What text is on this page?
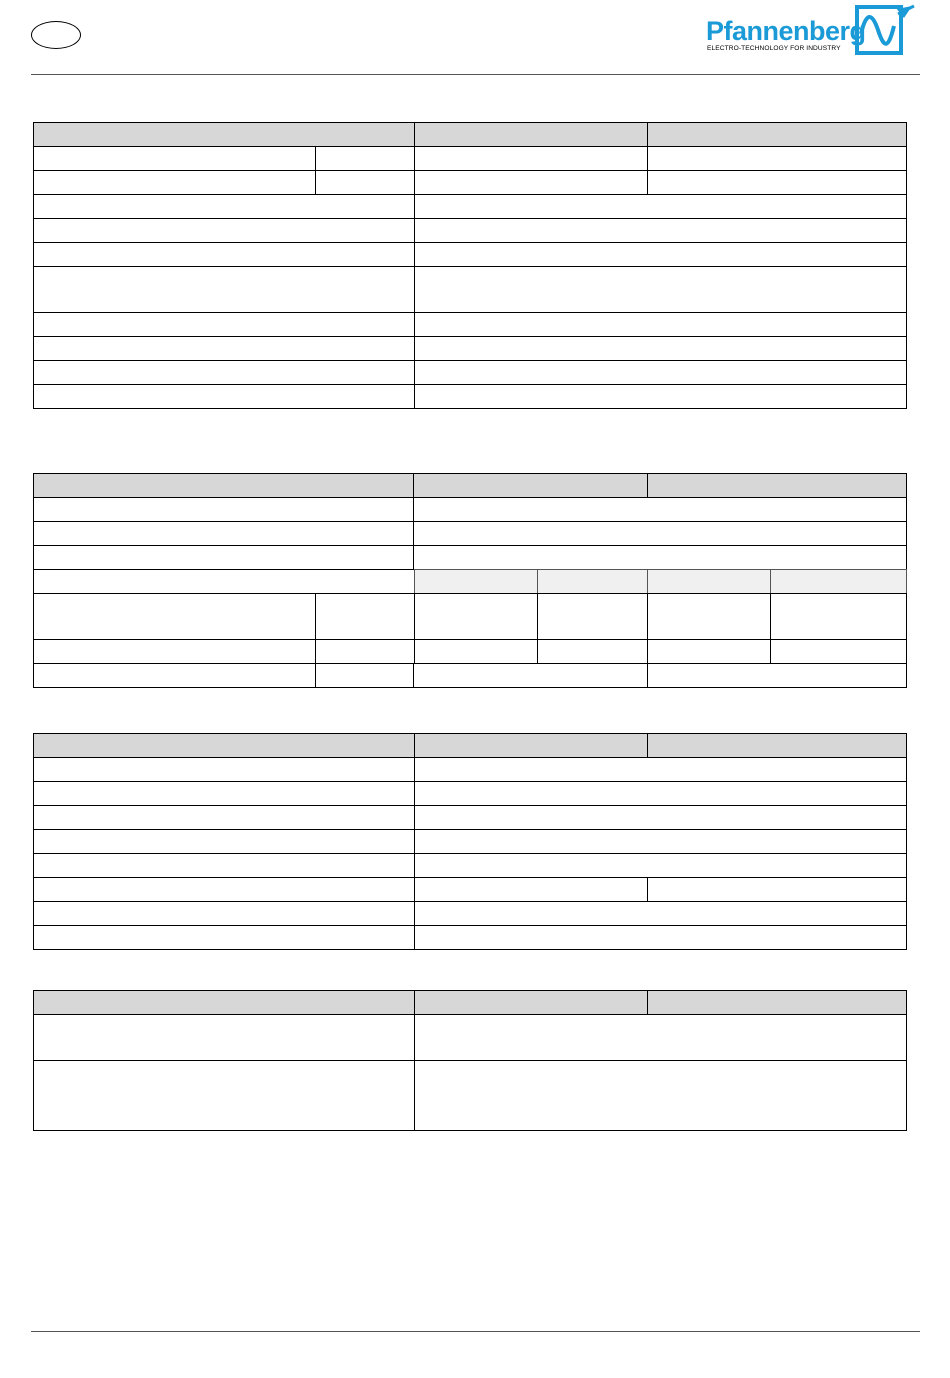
Pfannenberg
ELECTRO-TECHNOLOGY FOR INDUSTRY
